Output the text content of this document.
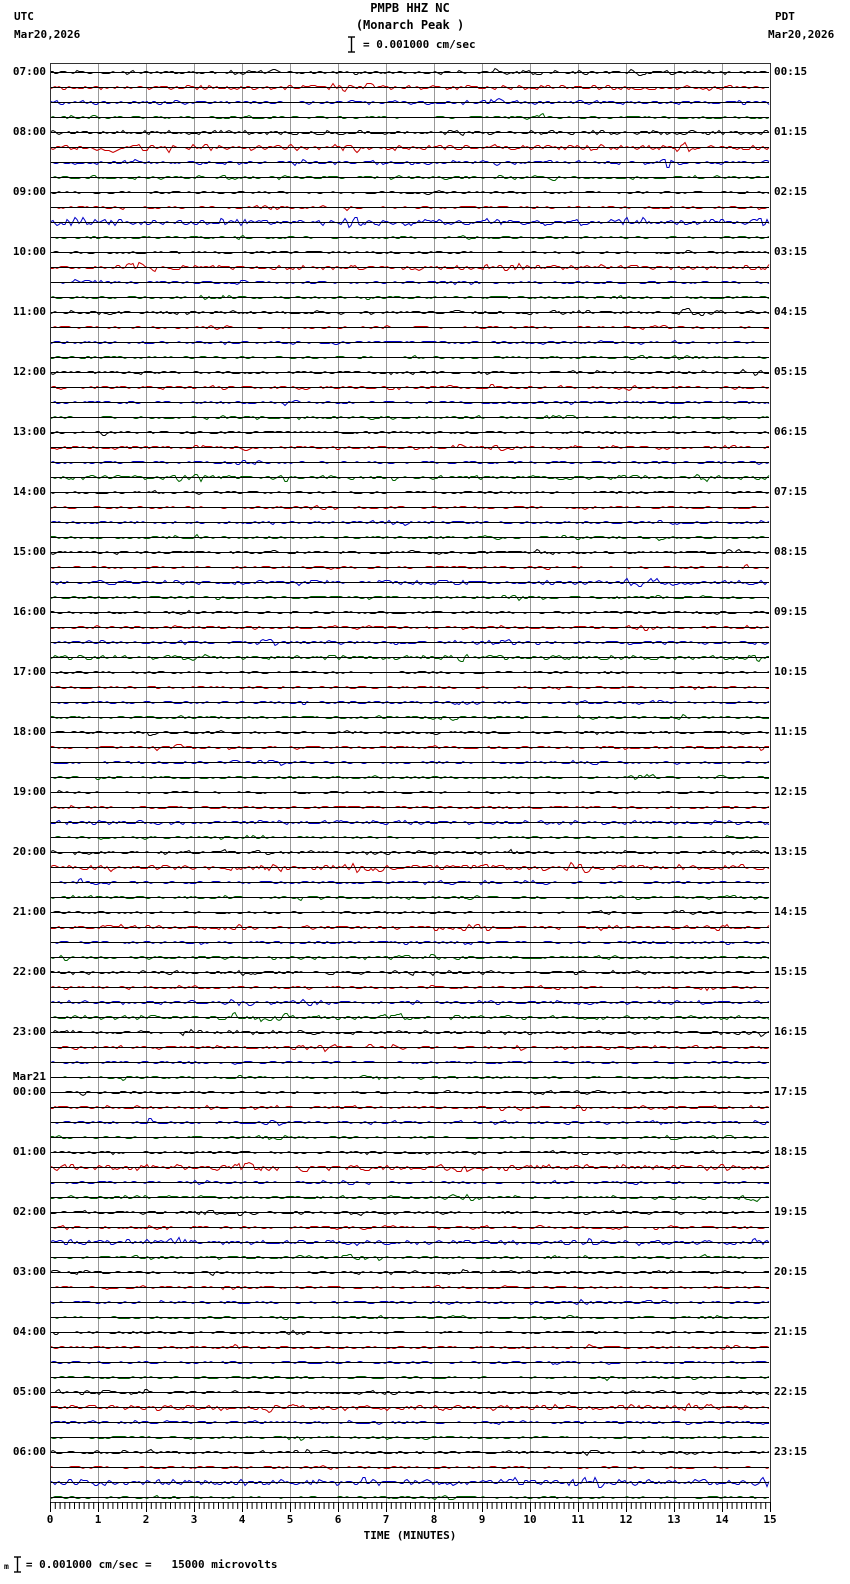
UTC
Mar20,2026
PMPB HHZ NC
(Monarch Peak )
= 0.001000 cm/sec
PDT
Mar20,2026
07:00
08:00
09:00
10:00
11:00
12:00
13:00
14:00
15:00
16:00
17:00
18:00
19:00
20:00
21:00
22:00
23:00
Mar21
00:00
01:00
02:00
03:00
04:00
05:00
06:00
00:15
01:15
02:15
03:15
04:15
05:15
06:15
07:15
08:15
09:15
10:15
11:15
12:15
13:15
14:15
15:15
16:15
17:15
18:15
19:15
20:15
21:15
22:15
23:15
0	1	2	3	4	5	6	7	8	9	10	11	12	13	14	15
TIME (MINUTES)
m = 0.001000 cm/sec =   15000 microvolts
